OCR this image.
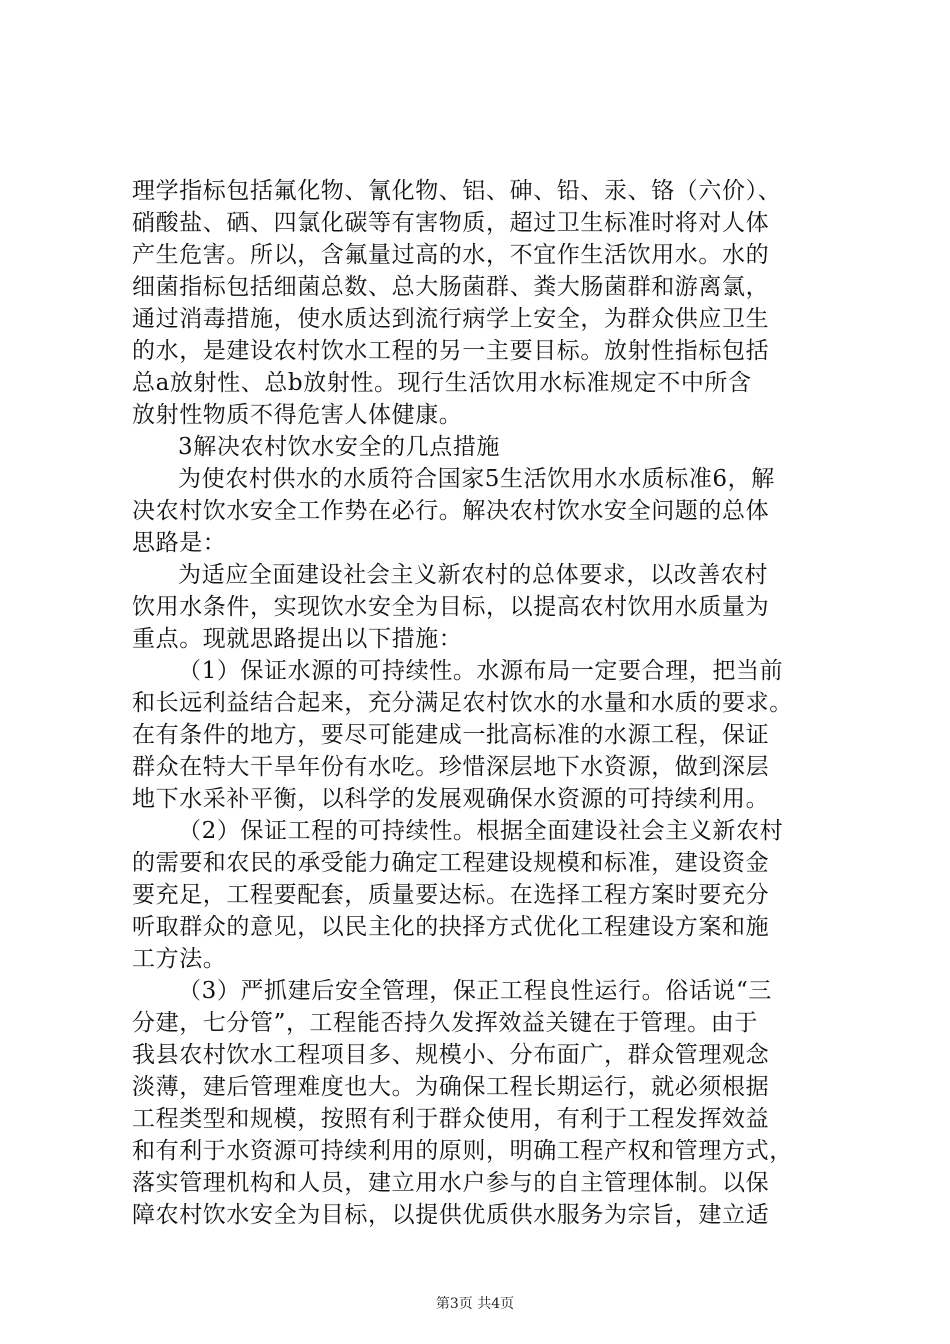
理学指标包括氟化物、氰化物、铝、砷、铅、汞、铬（六价）、
硝酸盐、硒、四氯化碳等有害物质，超过卫生标准时将对人体
产生危害。所以，含氟量过高的水，不宜作生活饮用水。水的
细菌指标包括细菌总数、总大肠菌群、粪大肠菌群和游离氯，
通过消毒措施，使水质达到流行病学上安全，为群众供应卫生
的水，是建设农村饮水工程的另一主要目标。放射性指标包括
总a放射性、总b放射性。现行生活饮用水标准规定不中所含
放射性物质不得危害人体健康。
3解决农村饮水安全的几点措施
为使农村供水的水质符合国家5生活饮用水水质标准6，解
决农村饮水安全工作势在必行。解决农村饮水安全问题的总体
思路是：
为适应全面建设社会主义新农村的总体要求，以改善农村
饮用水条件，实现饮水安全为目标，以提高农村饮用水质量为
重点。现就思路提出以下措施：
（1）保证水源的可持续性。水源布局一定要合理，把当前
和长远利益结合起来，充分满足农村饮水的水量和水质的要求。
在有条件的地方，要尽可能建成一批高标准的水源工程，保证
群众在特大干旱年份有水吃。珍惜深层地下水资源，做到深层
地下水采补平衡，以科学的发展观确保水资源的可持续利用。
（2）保证工程的可持续性。根据全面建设社会主义新农村
的需要和农民的承受能力确定工程建设规模和标准，建设资金
要充足，工程要配套，质量要达标。在选择工程方案时要充分
听取群众的意见，以民主化的抉择方式优化工程建设方案和施
工方法。
（3）严抓建后安全管理，保正工程良性运行。俗话说“三
分建，七分管”，工程能否持久发挥效益关键在于管理。由于
我县农村饮水工程项目多、规模小、分布面广，群众管理观念
淡薄，建后管理难度也大。为确保工程长期运行，就必须根据
工程类型和规模，按照有利于群众使用，有利于工程发挥效益
和有利于水资源可持续利用的原则，明确工程产权和管理方式，
落实管理机构和人员，建立用水户参与的自主管理体制。以保
障农村饮水安全为目标，以提供优质供水服务为宗旨，建立适
第3页 共4页
